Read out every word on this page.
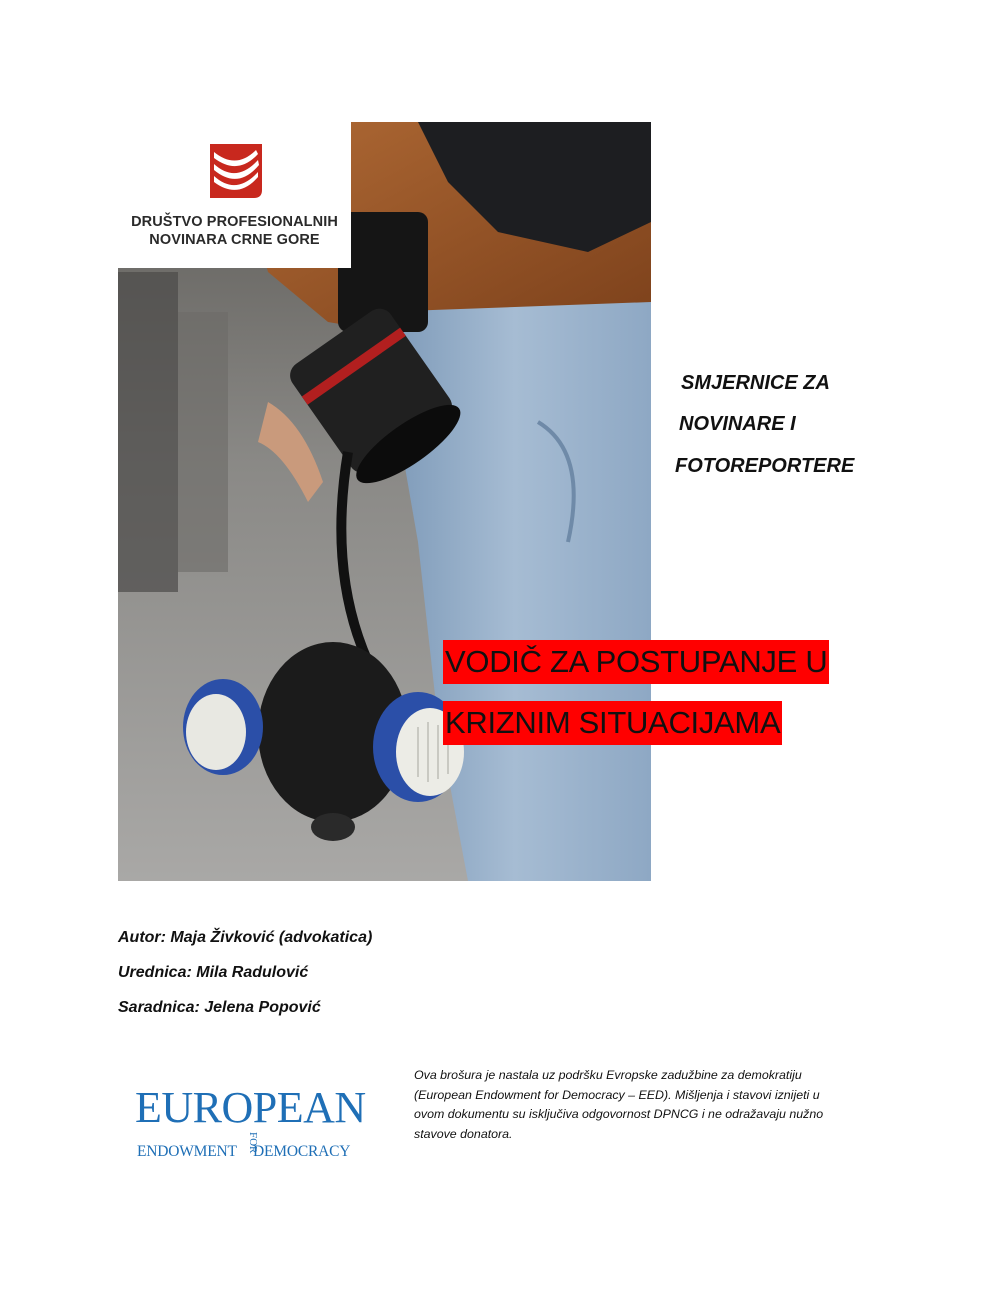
DRUŠTVO PROFESIONALNIH
NOVINARA CRNE GORE
SMJERNICE ZA
NOVINARE I
FOTOREPORTERE
VODIČ ZA POSTUPANJE U
KRIZNIM SITUACIJAMA
Autor: Maja Živković (advokatica)
Urednica: Mila Radulović
Saradnica: Jelena Popović
EUROPEAN
ENDOWMENT FOR
DEMOCRACY
Ova brošura je nastala uz podršku Evropske zadužbine za demokratiju
(European Endowment for Democracy – EED). Mišljenja i stavovi iznijeti u
ovom dokumentu su isključiva odgovornost DPNCG i ne odražavaju nužno
stavove donatora.
